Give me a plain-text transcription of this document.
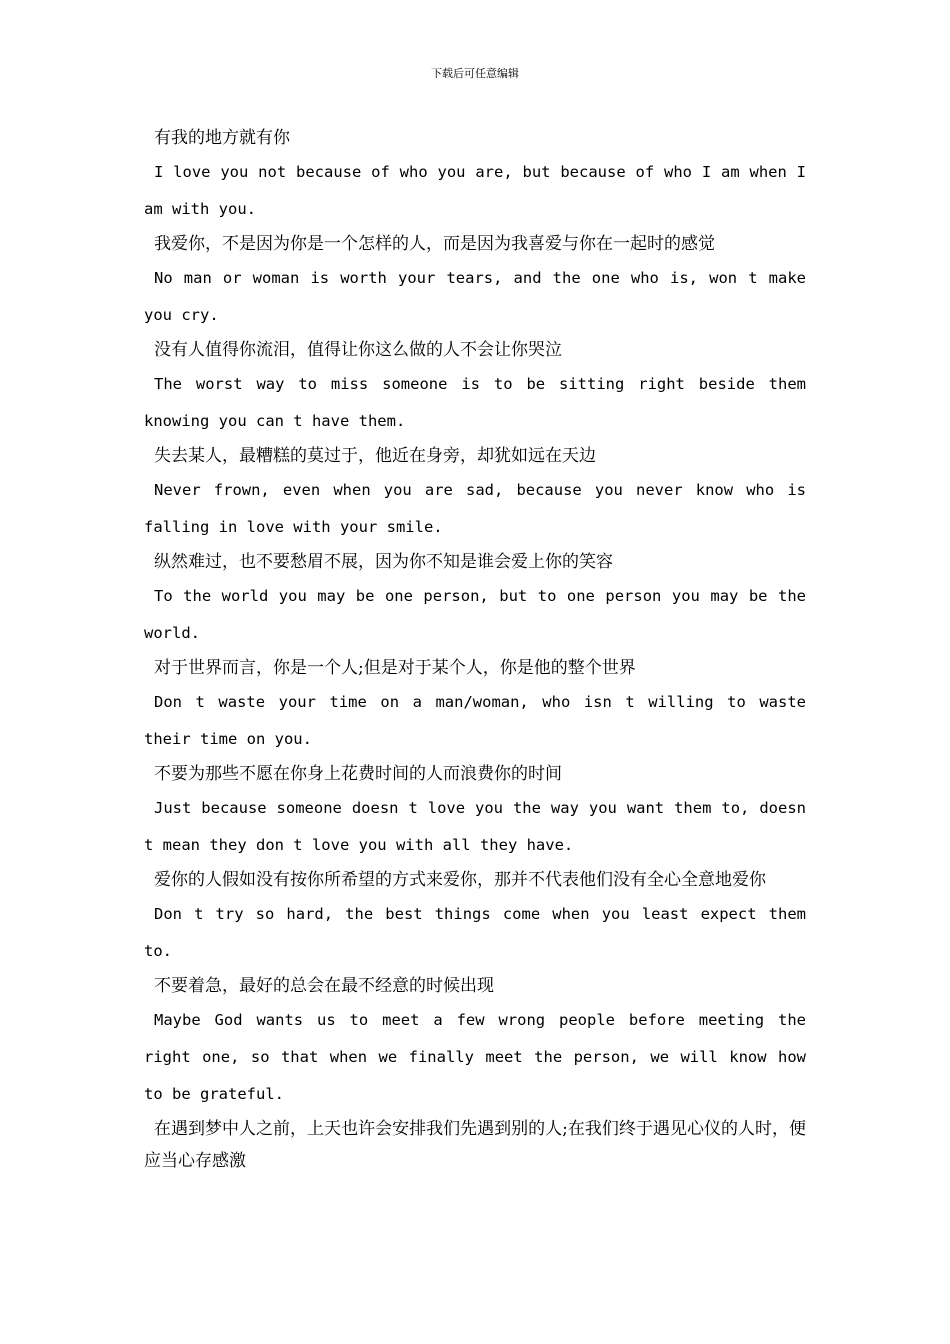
下载后可任意编辑

有我的地方就有你

I love you not because of who you are, but because of who I am when I am with you.

我爱你，不是因为你是一个怎样的人，而是因为我喜爱与你在一起时的感觉

No man or woman is worth your tears, and the one who is, won t make you cry.

没有人值得你流泪，值得让你这么做的人不会让你哭泣

The worst way to miss someone is to be sitting right beside them knowing you can t have them.

失去某人，最糟糕的莫过于，他近在身旁，却犹如远在天边

Never frown, even when you are sad, because you never know who is falling in love with your smile.

纵然难过，也不要愁眉不展，因为你不知是谁会爱上你的笑容

To the world you may be one person, but to one person you may be the world.

对于世界而言，你是一个人;但是对于某个人，你是他的整个世界

Don t waste your time on a man/woman, who isn t willing to waste their time on you.

不要为那些不愿在你身上花费时间的人而浪费你的时间

Just because someone doesn t love you the way you want them to, doesn t mean they don t love you with all they have.

爱你的人假如没有按你所希望的方式来爱你，那并不代表他们没有全心全意地爱你

Don t try so hard, the best things come when you least expect them to.

不要着急，最好的总会在最不经意的时候出现

Maybe God wants us to meet a few wrong people before meeting the right one, so that when we finally meet the person, we will know how to be grateful.

在遇到梦中人之前，上天也许会安排我们先遇到别的人;在我们终于遇见心仪的人时，便应当心存感激
